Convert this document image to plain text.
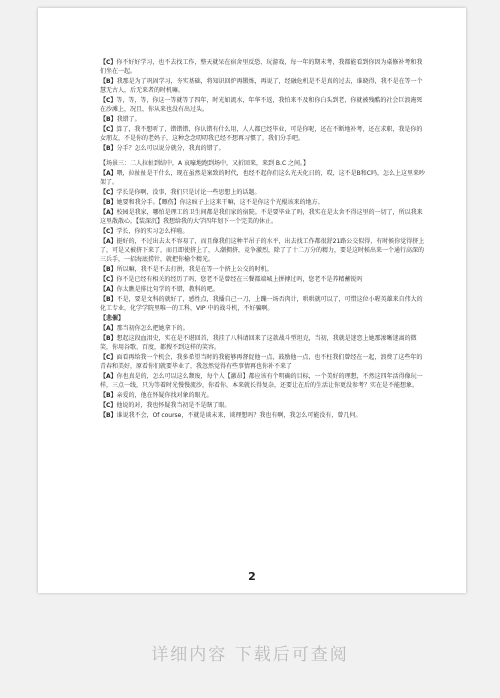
【C】你不好好学习，也不去找工作，整天就呆在宿舍里反恐、玩游戏，每一年的期末考，我都能看到你因为桌修补考和我们坐在一起。

【B】我那是为了巩固学习，夯实基础，将知识回炉再锻炼，再说了，经融危机是不是真的过去，谁晓得，我不是在等一个慧无古人，后无来者的时机嘛。

【C】等，等，等，你这一等就等了四年，时光如流水，年华不返，我怕来不及和你白头到老，你就被残酷的社会巨浪淹死在沙滩上，况且，你从来也没有出过头。

【B】我错了。

【C】算了，我不想听了，错错错，你认错有什么用，人人都已经毕业，可是你呢，还在不断地补考，还在求职，我是你的女朋友，不是你的老妈子，这种念念叨叨我已经不想再习惯了，我们分手吧。

【B】分手？怎么可以说分就分，我真的错了。

【场景三：二人拉扯到结中，A 哀嚎地跑到场中，又折回来，来到 B.C 之间。】

【A】喂，拉扯扯是干什么，现在虽然是案致的时代，也经不起你们这么光天化日的，哎，这不是B和C吗，怎么上这里来吵架了。

【C】学长是你啊，没事，我们只是讨论一些思想上的话题。

【B】她要和我分手。【瞟伤】你这疯子上这来干嘛，这不是你这个光棍该来的地方。

【A】校园是我家，哪怕是理工的卫生间都是我们家的宿院。不是要毕业了吗，我实在是太舍不得这里的一切了，所以我来这里散散心。【装深沉】我想给我的大学四年划下一个完美的休止。

【C】学长，你的实习怎么样啦。

【A】挺好的，不过出去太不容易了，而且像我们这种半吊子的水平，出去找工作都很舒21路公交似得，有时候你觉得挤上了，可是又被挤下来了，而且即使挤上了，人潮拥挤，竞争激烈，除了了十二万分的精力，要是这时候出来一个通行高深的三兵手，一招海底捞针，就把你榆个精光。

【B】所以嘛，我不是不去打拼，我是在等一个挤上公交的时机。

【C】你不是已经有相关的经历了吗，您老不是曾经在三餐都端城上拼搏过吗，您老不是养精蓄锐吗

【A】你太瞧是排比句学的不错，教科的吧。

【B】不是，要是文科的就好了，感性点，我播自己一刀，上蹦一场否肉计，哄哄就可以了，可惜这位小喔英雄来自伟大的化工专业，化学学院里唯一的工科，VIP 中的战斗机，不好骗啊。

【悲催】

【A】那当初你怎么把她拿下的。

【B】想起这段血泪史，实在是不堪回首，我挂了八科请回来了这款战斗型坦克，当初，我就是迷恋上她那渗晰迷离的微笑，你用谷歌、百度，都搜不到这样的笑容。

【C】面看再给我一个机会，我多希望当时的我能够再督促他一点，鼓励他一点，也不枉我们曾经在一起，浪费了这些年的青春和美好，原看你们就要毕业了，我忽然觉得有些事情再也你补不来了

【A】你也真是的，怎么可以这么颓废，每个人【激昂】都应该有个明确的目标，一个美好的理想，不然这四年活得像玩一样，三点一线，只为等着时光慢慢流沙，你看你，本来就长得复杂，还要让在后的生活让你更没参考？实在是不能想象。

【B】亲爱的，他在怀疑你找对象的眼光。

【C】他说的对，我也怀疑我当初是不是瞎了眼。

【B】谁说我不会，Of course，不就是谈未来，谈理想吗？我也有啊，我怎么可能没有，曾几何。

2
详细内容 下载后可查阅
